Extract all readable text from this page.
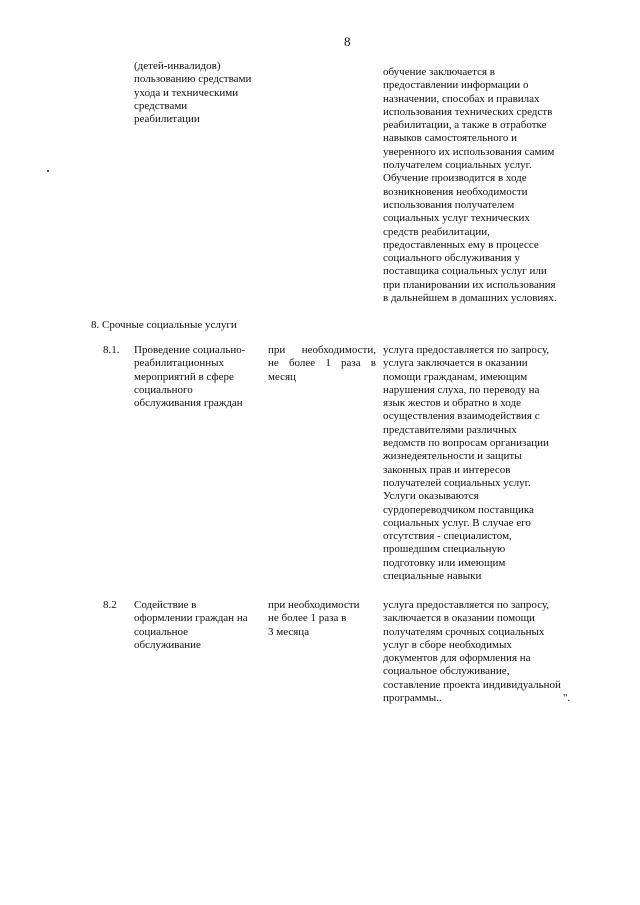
8
(детей-инвалидов)
пользованию средствами
ухода и техническими
средствами
реабилитации
обучение заключается в
предоставлении информации о
назначении, способах и правилах
использования технических средств
реабилитации, а также в отработке
навыков самостоятельного и
уверенного их использования самим
получателем социальных услуг.
Обучение производится в ходе
возникновения необходимости
использования получателем
социальных услуг технических
средств реабилитации,
предоставленных ему в процессе
социального обслуживания у
поставщика социальных услуг или
при планировании их использования
в дальнейшем в домашних условиях.
8. Срочные социальные услуги
8.1. Проведение социально-
реабилитационных
мероприятий в сфере
социального
обслуживания граждан
при необходимости,
не более 1 раза в
месяц
услуга предоставляется по запросу,
услуга заключается в оказании
помощи гражданам, имеющим
нарушения слуха, по переводу на
язык жестов и обратно в ходе
осуществления взаимодействия с
представителями различных
ведомств по вопросам организации
жизнедеятельности и защиты
законных прав и интересов
получателей социальных услуг.
Услуги оказываются
сурдопереводчиком поставщика
социальных услуг. В случае его
отсутствия - специалистом,
прошедшим специальную
подготовку или имеющим
специальные навыки
8.2 Содействие в
оформлении граждан на
социальное
обслуживание
при необходимости
не более 1 раза в
3 месяца
услуга предоставляется по запросу,
заключается в оказании помощи
получателям срочных социальных
услуг в сборе необходимых
документов для оформления на
социальное обслуживание,
составление проекта индивидуальной
программы..	".
